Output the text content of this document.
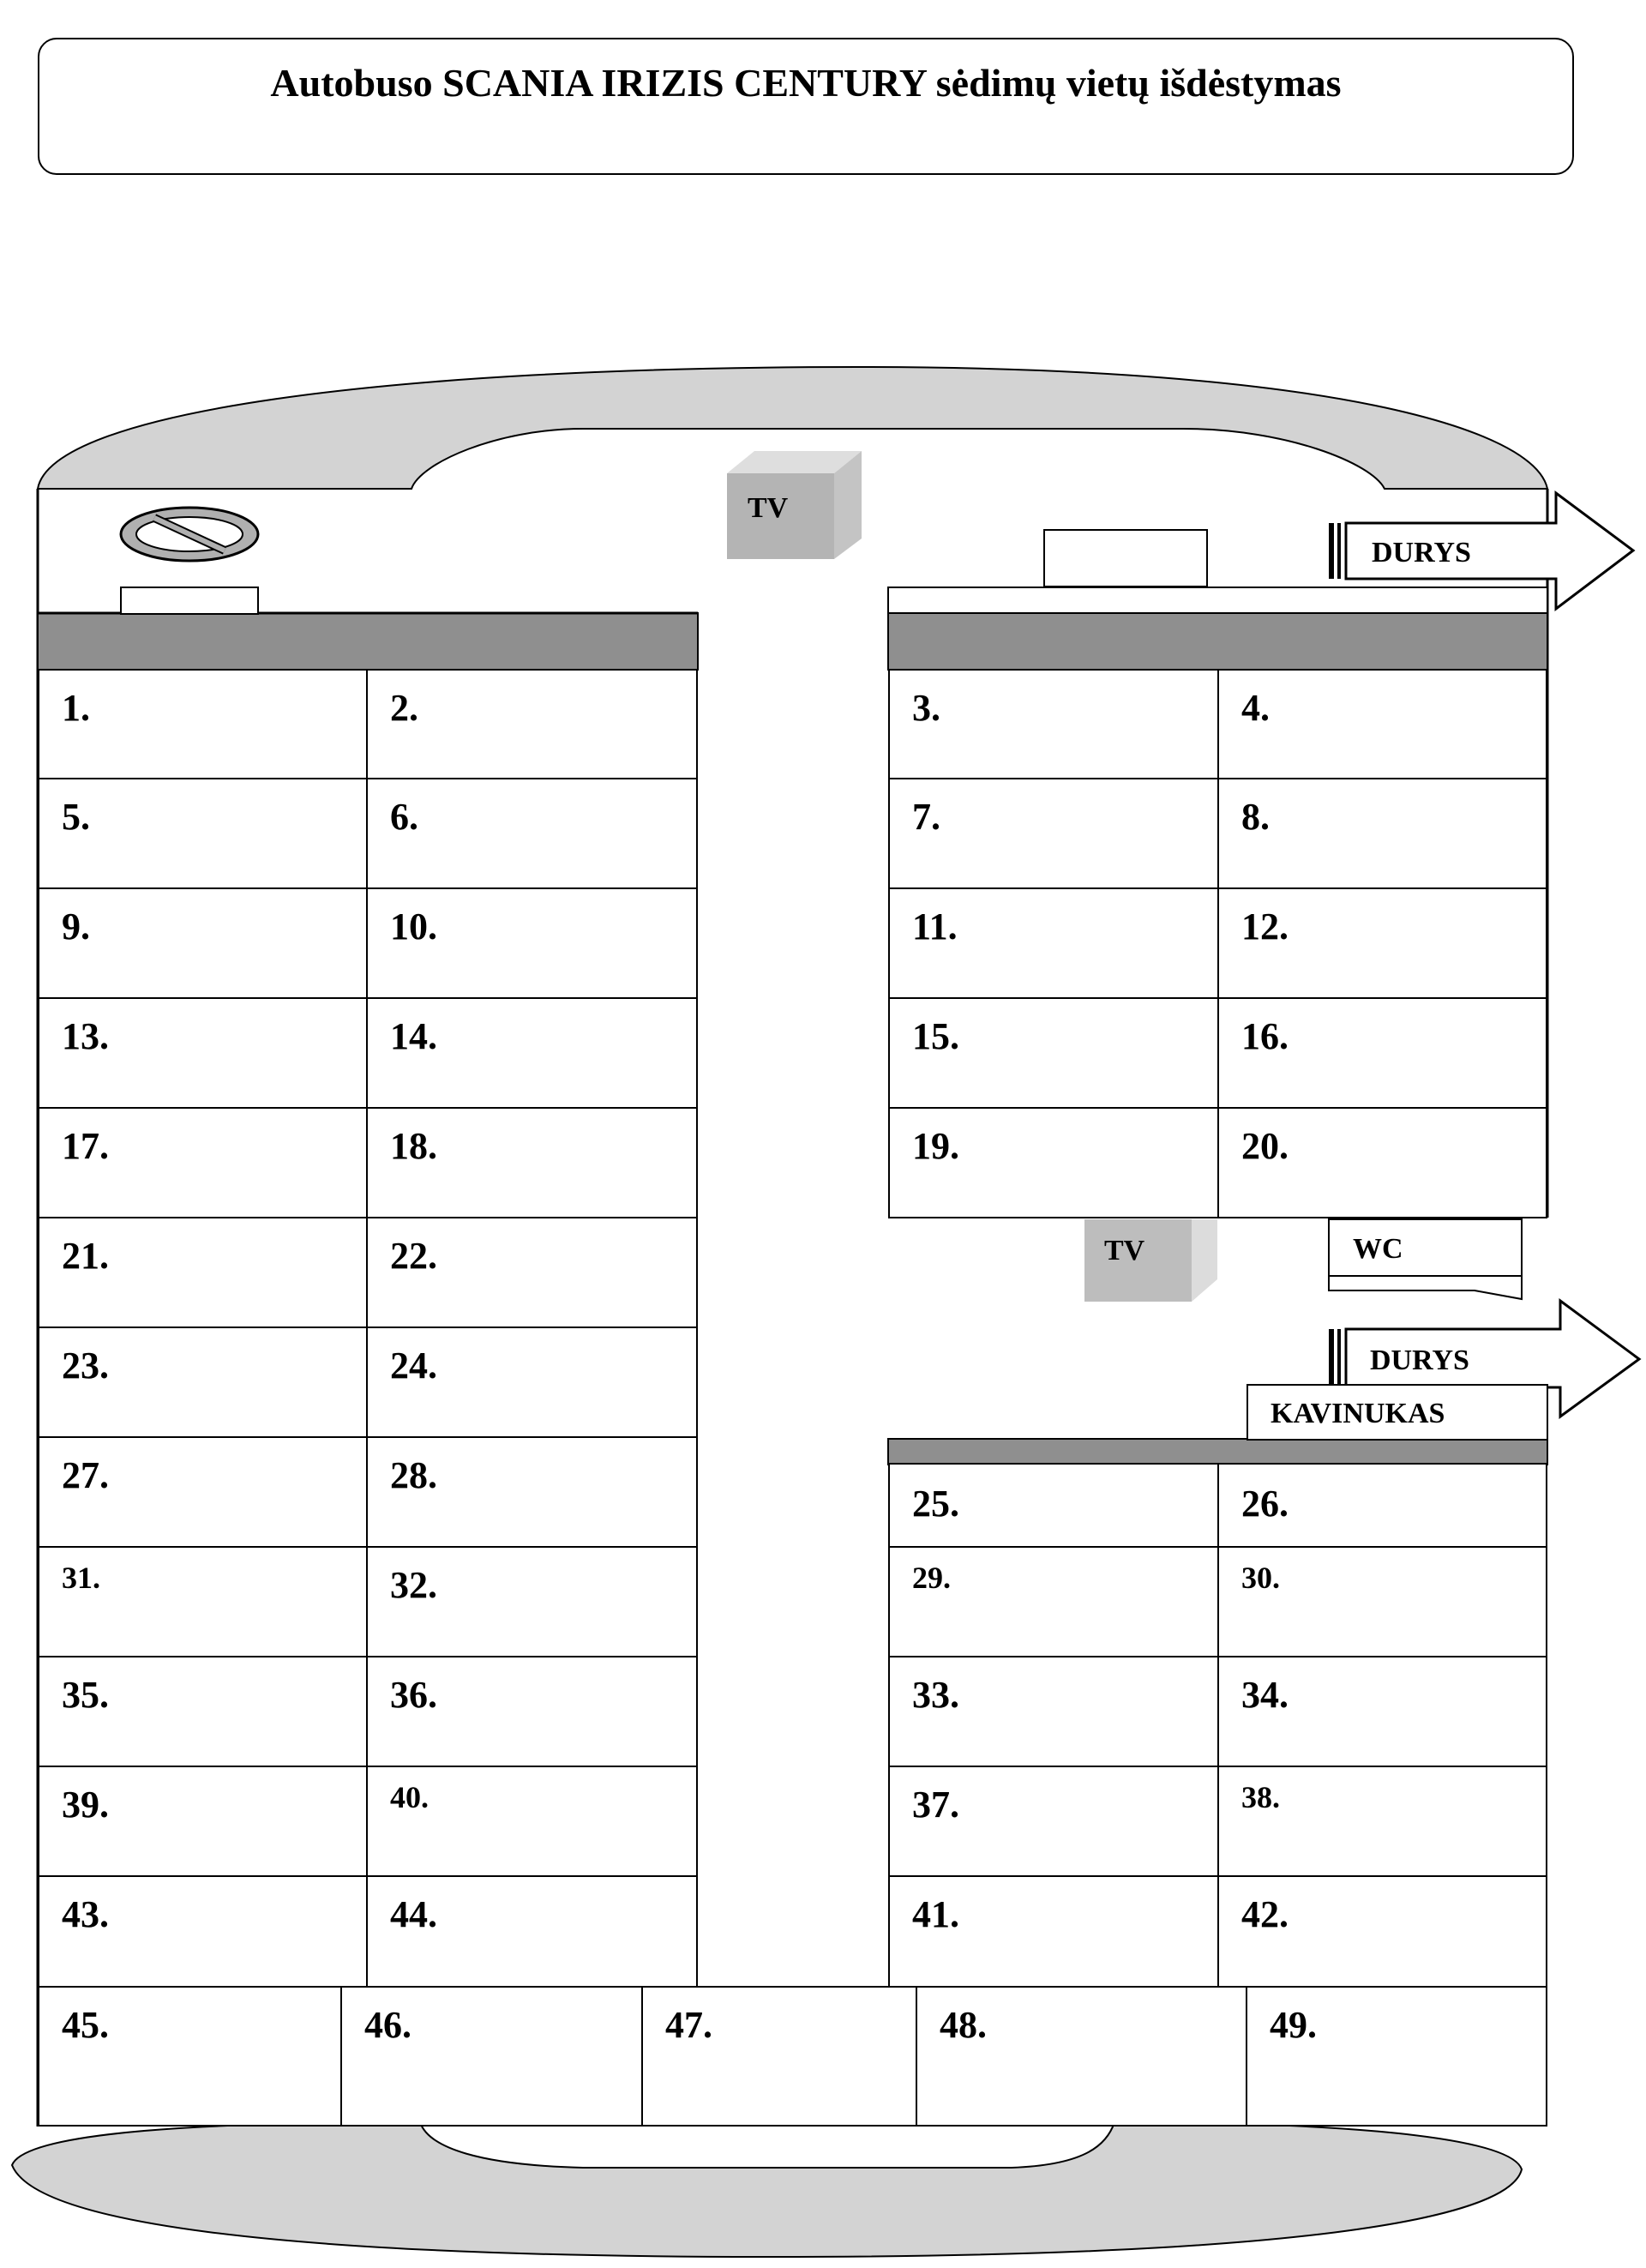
Autobuso SCANIA IRIZIS CENTURY sėdimų vietų išdėstymas
TV
TV
DURYS
DURYS
WC
KAVINUKAS
1.	2.
5.	6.
9.	10.
13.	14.
17.	18.
21.	22.
23.	24.
27.	28.
31.	32.
35.	36.
39.	40.
43.	44.
3.	4.
7.	8.
11.	12.
15.	16.
19.	20.
25.	26.
29.	30.
33.	34.
37.	38.
41.	42.
45.	46.	47.	48.	49.
